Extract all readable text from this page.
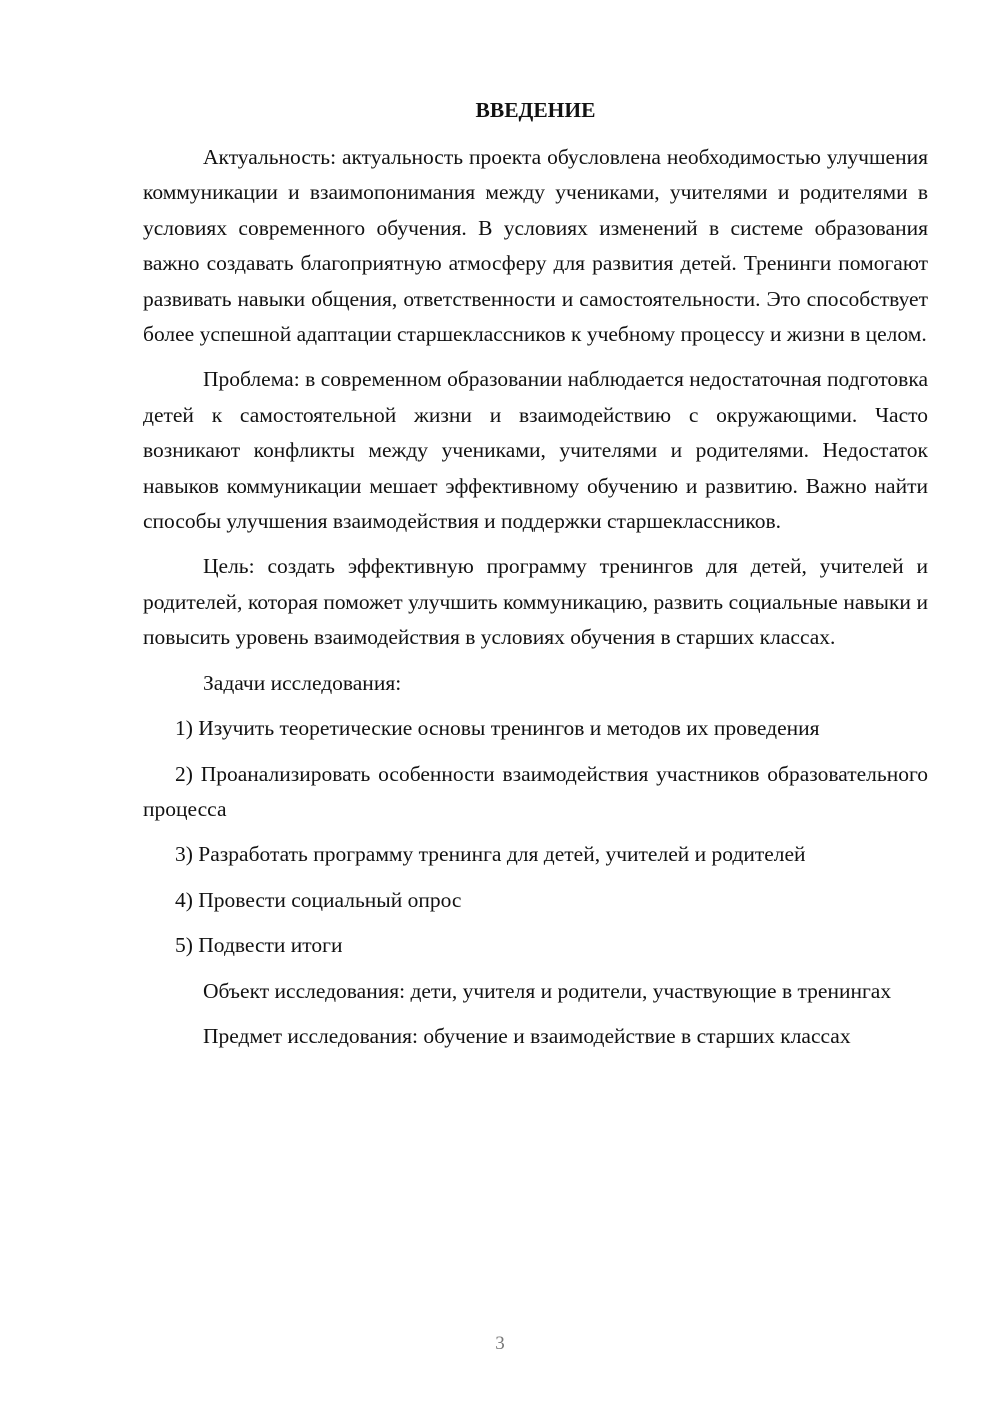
ВВЕДЕНИЕ

Актуальность: актуальность проекта обусловлена необходимостью улучшения коммуникации и взаимопонимания между учениками, учителями и родителями в условиях современного обучения. В условиях изменений в системе образования важно создавать благоприятную атмосферу для развития детей. Тренинги помогают развивать навыки общения, ответственности и самостоятельности. Это способствует более успешной адаптации старшеклассников к учебному процессу и жизни в целом.

Проблема: в современном образовании наблюдается недостаточная подготовка детей к самостоятельной жизни и взаимодействию с окружающими. Часто возникают конфликты между учениками, учителями и родителями. Недостаток навыков коммуникации мешает эффективному обучению и развитию. Важно найти способы улучшения взаимодействия и поддержки старшеклассников.

Цель: создать эффективную программу тренингов для детей, учителей и родителей, которая поможет улучшить коммуникацию, развить социальные навыки и повысить уровень взаимодействия в условиях обучения в старших классах.

Задачи исследования:

1) Изучить теоретические основы тренингов и методов их проведения

2) Проанализировать особенности взаимодействия участников образовательного процесса

3) Разработать программу тренинга для детей, учителей и родителей

4) Провести социальный опрос

5) Подвести итоги

Объект исследования: дети, учителя и родители, участвующие в тренингах

Предмет исследования: обучение и взаимодействие в старших классах

3
